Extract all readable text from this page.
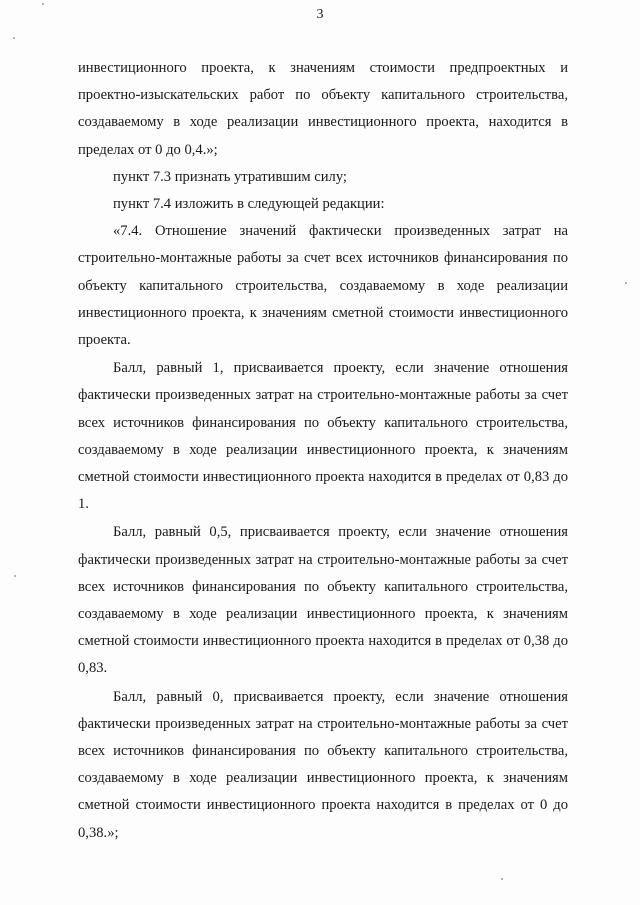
3

инвестиционного проекта, к значениям стоимости предпроектных и проектно-изыскательских работ по объекту капитального строительства, создаваемому в ходе реализации инвестиционного проекта, находится в пределах от 0 до 0,4.»;

пункт 7.3 признать утратившим силу;

пункт 7.4 изложить в следующей редакции:

«7.4. Отношение значений фактически произведенных затрат на строительно-монтажные работы за счет всех источников финансирования по объекту капитального строительства, создаваемому в ходе реализации инвестиционного проекта, к значениям сметной стоимости инвестиционного проекта.

Балл, равный 1, присваивается проекту, если значение отношения фактически произведенных затрат на строительно-монтажные работы за счет всех источников финансирования по объекту капитального строительства, создаваемому в ходе реализации инвестиционного проекта, к значениям сметной стоимости инвестиционного проекта находится в пределах от 0,83 до 1.

Балл, равный 0,5, присваивается проекту, если значение отношения фактически произведенных затрат на строительно-монтажные работы за счет всех источников финансирования по объекту капитального строительства, создаваемому в ходе реализации инвестиционного проекта, к значениям сметной стоимости инвестиционного проекта находится в пределах от 0,38 до 0,83.

Балл, равный 0, присваивается проекту, если значение отношения фактически произведенных затрат на строительно-монтажные работы за счет всех источников финансирования по объекту капитального строительства, создаваемому в ходе реализации инвестиционного проекта, к значениям сметной стоимости инвестиционного проекта находится в пределах от 0 до 0,38.»;
